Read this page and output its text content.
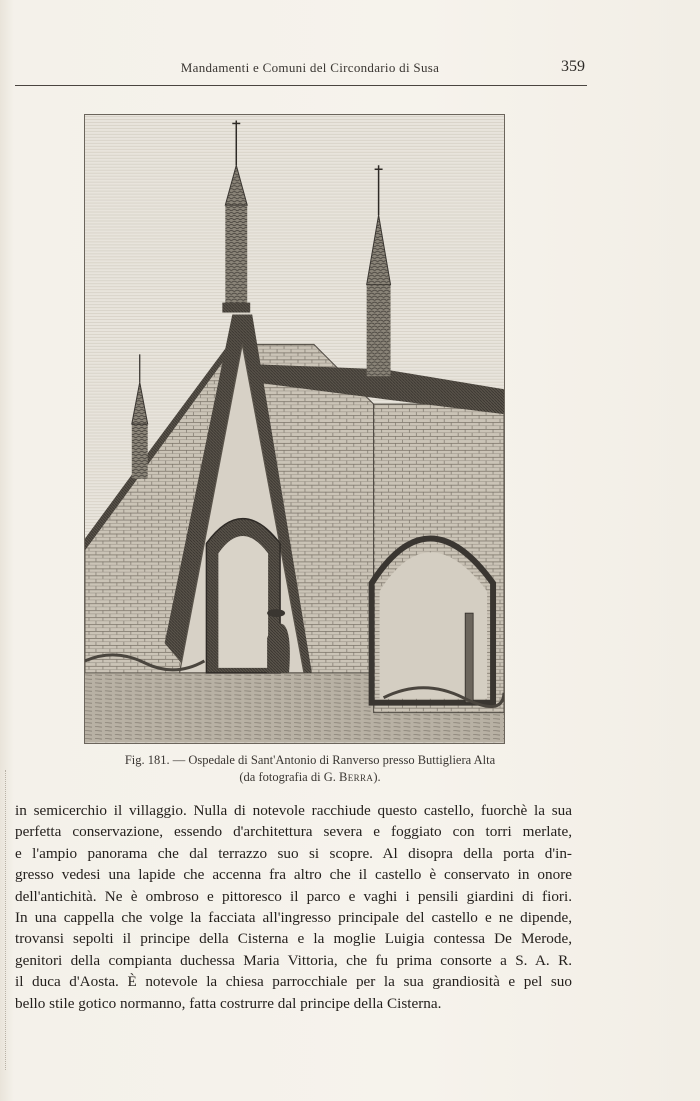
Mandamenti e Comuni del Circondario di Susa	359
Fig. 181. — Ospedale di Sant'Antonio di Ranverso presso Buttigliera Alta
(da fotografia di G. Berra).
in semicerchio il villaggio. Nulla di notevole racchiude questo castello, fuorchè la sua
perfetta conservazione, essendo d'architettura severa e foggiato con torri merlate,
e l'ampio panorama che dal terrazzo suo si scopre. Al disopra della porta d'in-
gresso vedesi una lapide che accenna fra altro che il castello è conservato in onore
dell'antichità. Ne è ombroso e pittoresco il parco e vaghi i pensili giardini di fiori.
In una cappella che volge la facciata all'ingresso principale del castello e ne dipende,
trovansi sepolti il principe della Cisterna e la moglie Luigia contessa De Merode,
genitori della compianta duchessa Maria Vittoria, che fu prima consorte a S. A. R.
il duca d'Aosta. È notevole la chiesa parrocchiale per la sua grandiosità e pel suo
bello stile gotico normanno, fatta costrurre dal principe della Cisterna.
